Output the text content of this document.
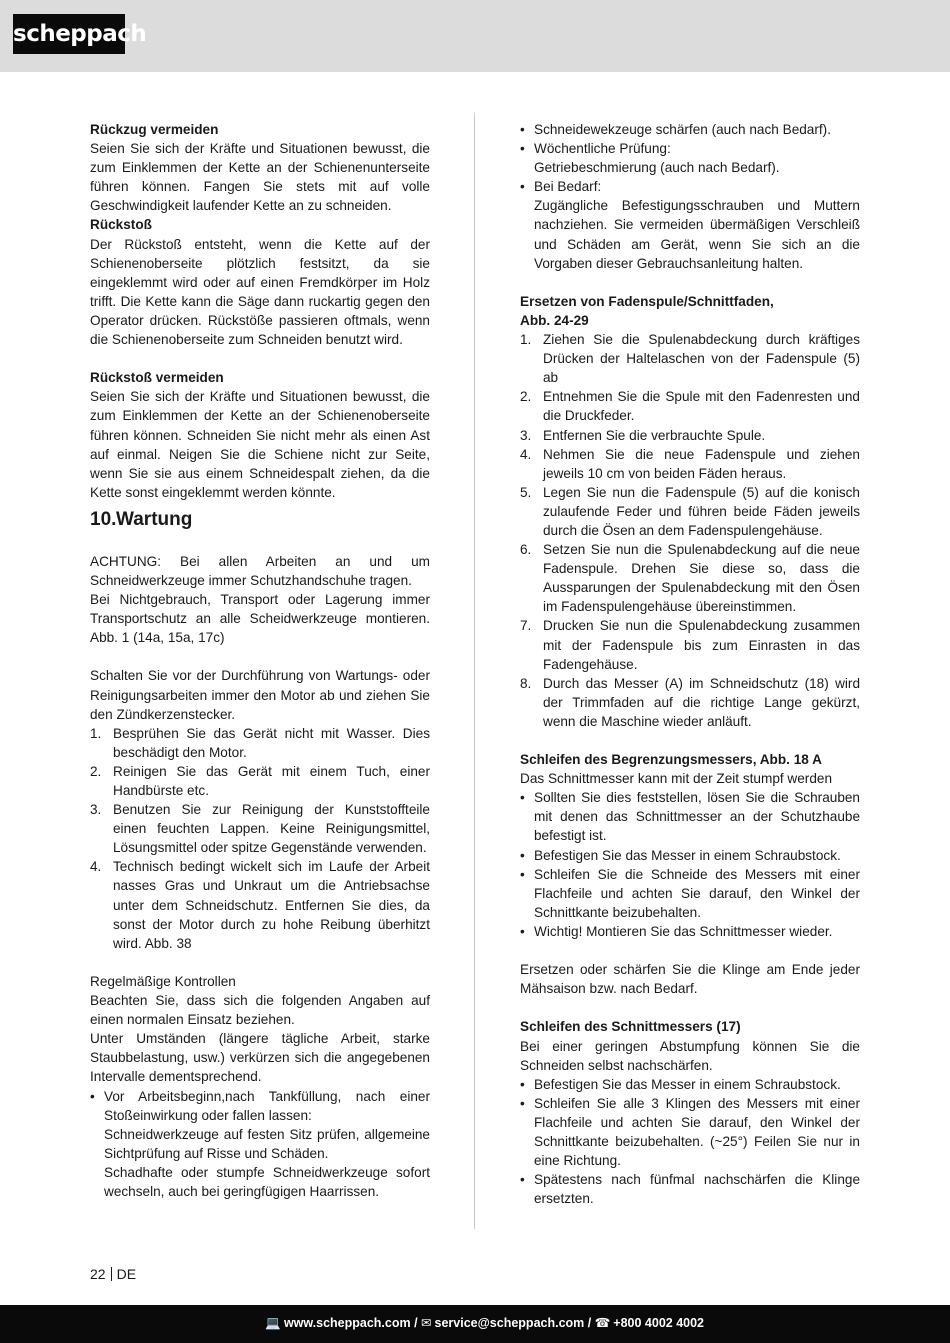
scheppach

Rückzug vermeiden

Seien Sie sich der Kräfte und Situationen bewusst, die zum Einklemmen der Kette an der Schienenunterseite führen können. Fangen Sie stets mit auf volle Geschwindigkeit laufender Kette an zu schneiden.

Rückstoß

Der Rückstoß entsteht, wenn die Kette auf der Schienenoberseite plötzlich festsitzt, da sie eingeklemmt wird oder auf einen Fremdkörper im Holz trifft. Die Kette kann die Säge dann ruckartig gegen den Operator drücken. Rückstöße passieren oftmals, wenn die Schienenoberseite zum Schneiden benutzt wird.

Rückstoß vermeiden

Seien Sie sich der Kräfte und Situationen bewusst, die zum Einklemmen der Kette an der Schienenoberseite führen können. Schneiden Sie nicht mehr als einen Ast auf einmal. Neigen Sie die Schiene nicht zur Seite, wenn Sie sie aus einem Schneidespalt ziehen, da die Kette sonst eingeklemmt werden könnte.

10.Wartung

ACHTUNG: Bei allen Arbeiten an und um Schneidwerkzeuge immer Schutzhandschuhe tragen.

Bei Nichtgebrauch, Transport oder Lagerung immer Transportschutz an alle Scheidwerkzeuge montieren. Abb. 1 (14a, 15a, 17c)

Schalten Sie vor der Durchführung von Wartungs- oder Reinigungsarbeiten immer den Motor ab und ziehen Sie den Zündkerzenstecker.

1. Besprühen Sie das Gerät nicht mit Wasser. Dies beschädigt den Motor.
2. Reinigen Sie das Gerät mit einem Tuch, einer Handbürste etc.
3. Benutzen Sie zur Reinigung der Kunststoffteile einen feuchten Lappen. Keine Reinigungsmittel, Lösungsmittel oder spitze Gegenstände verwenden.
4. Technisch bedingt wickelt sich im Laufe der Arbeit nasses Gras und Unkraut um die Antriebsachse unter dem Schneidschutz. Entfernen Sie dies, da sonst der Motor durch zu hohe Reibung überhitzt wird. Abb. 38

Regelmäßige Kontrollen

Beachten Sie, dass sich die folgenden Angaben auf einen normalen Einsatz beziehen.

Unter Umständen (längere tägliche Arbeit, starke Staubbelastung, usw.) verkürzen sich die angegebenen Intervalle dementsprechend.

• Vor Arbeitsbeginn,nach Tankfüllung, nach einer Stoßeinwirkung oder fallen lassen:

Schneidwerkzeuge auf festen Sitz prüfen, allgemeine Sichtprüfung auf Risse und Schäden.

Schadhafte oder stumpfe Schneidwerkzeuge sofort wechseln, auch bei geringfügigen Haarrissen.

• Schneidewekzeuge schärfen (auch nach Bedarf).
• Wöchentliche Prüfung:

Getriebeschmierung (auch nach Bedarf).

• Bei Bedarf:

Zugängliche Befestigungsschrauben und Muttern nachziehen. Sie vermeiden übermäßigen Verschleiß und Schäden am Gerät, wenn Sie sich an die Vorgaben dieser Gebrauchsanleitung halten.

Ersetzen von Fadenspule/Schnittfaden,

Abb. 24-29

1. Ziehen Sie die Spulenabdeckung durch kräftiges Drücken der Haltelaschen von der Fadenspule (5) ab
2. Entnehmen Sie die Spule mit den Fadenresten und die Druckfeder.
3. Entfernen Sie die verbrauchte Spule.
4. Nehmen Sie die neue Fadenspule und ziehen jeweils 10 cm von beiden Fäden heraus.
5. Legen Sie nun die Fadenspule (5) auf die konisch zulaufende Feder und führen beide Fäden jeweils durch die Ösen an dem Fadenspulengehäuse.
6. Setzen Sie nun die Spulenabdeckung auf die neue Fadenspule. Drehen Sie diese so, dass die Aussparungen der Spulenabdeckung mit den Ösen im Fadenspulengehäuse übereinstimmen.
7. Drucken Sie nun die Spulenabdeckung zusammen mit der Fadenspule bis zum Einrasten in das Fadengehäuse.
8. Durch das Messer (A) im Schneidschutz (18) wird der Trimmfaden auf die richtige Lange gekürzt, wenn die Maschine wieder anläuft.

Schleifen des Begrenzungsmessers, Abb. 18 A

Das Schnittmesser kann mit der Zeit stumpf werden

• Sollten Sie dies feststellen, lösen Sie die Schrauben mit denen das Schnittmesser an der Schutzhaube befestigt ist.
• Befestigen Sie das Messer in einem Schraubstock.
• Schleifen Sie die Schneide des Messers mit einer Flachfeile und achten Sie darauf, den Winkel der Schnittkante beizubehalten.
• Wichtig! Montieren Sie das Schnittmesser wieder.

Ersetzen oder schärfen Sie die Klinge am Ende jeder Mähsaison bzw. nach Bedarf.

Schleifen des Schnittmessers (17)

Bei einer geringen Abstumpfung können Sie die Schneiden selbst nachschärfen.

• Befestigen Sie das Messer in einem Schraubstock.
• Schleifen Sie alle 3 Klingen des Messers mit einer Flachfeile und achten Sie darauf, den Winkel der Schnittkante beizubehalten. (~25°) Feilen Sie nur in eine Richtung.
• Spätestens nach fünfmal nachschärfen die Klinge ersetzten.
22 DE
💻 www.scheppach.com / ✉ service@scheppach.com / ☎ +800 4002 4002
